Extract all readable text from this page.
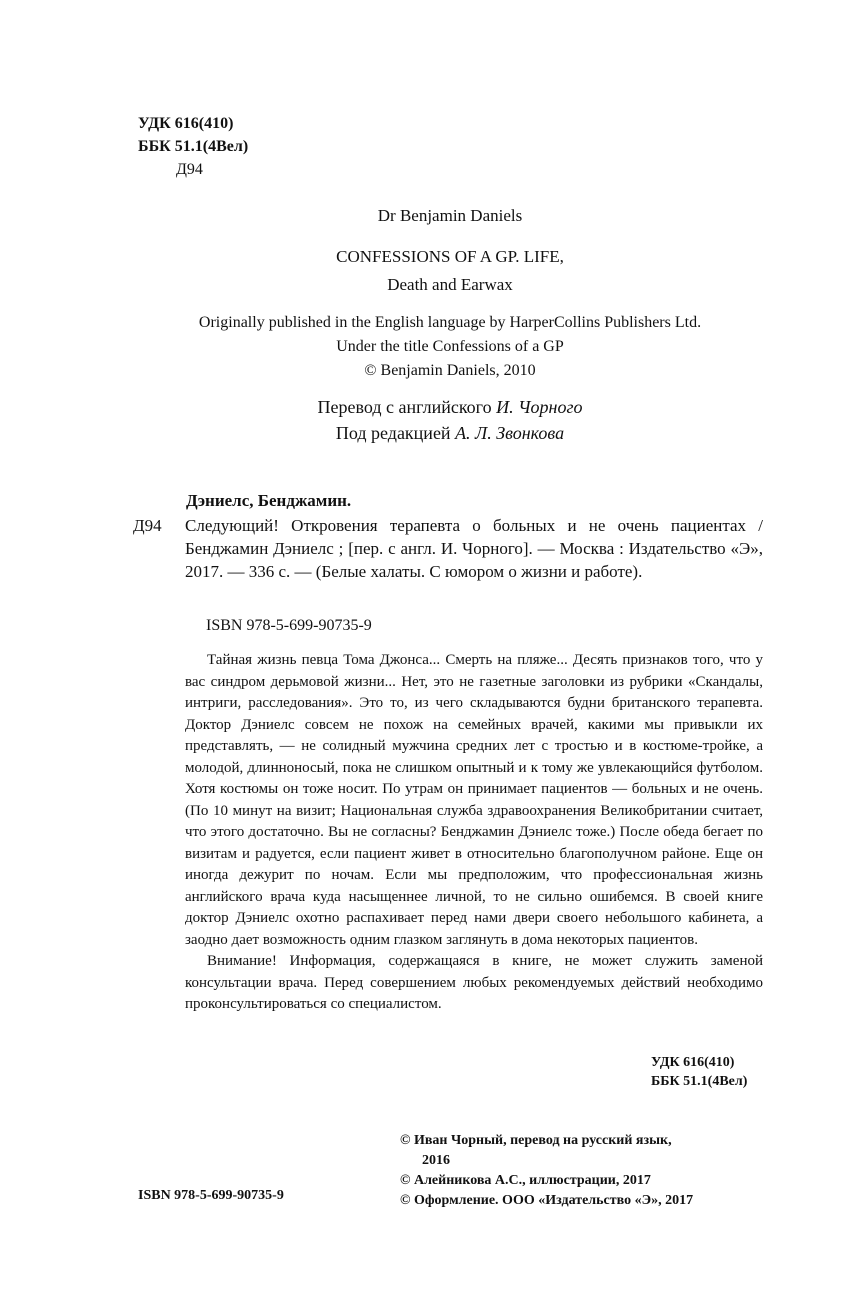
УДК 616(410)
ББК 51.1(4Вел)
Д94
Dr Benjamin Daniels
CONFESSIONS OF A GP. LIFE,
Death and Earwax
Originally published in the English language by HarperCollins Publishers Ltd.
Under the title Confessions of a GP
© Benjamin Daniels, 2010
Перевод с английского И. Чорного
Под редакцией А. Л. Звонкова
Дэниелс, Бенджамин.
Д94 Следующий! Откровения терапевта о больных и не очень пациентах / Бенджамин Дэниелс ; [пер. с англ. И. Чорного]. — Москва : Издательство «Э», 2017. — 336 с. — (Белые халаты. С юмором о жизни и работе).
ISBN 978-5-699-90735-9

Тайная жизнь певца Тома Джонса... Смерть на пляже... Десять признаков того, что у вас синдром дерьмовой жизни... Нет, это не газетные заголовки из рубрики «Скандалы, интриги, расследования». Это то, из чего складываются будни британского терапевта. Доктор Дэниелс совсем не похож на семейных врачей, какими мы привыкли их представлять, — не солидный мужчина средних лет с тростью и в костюме-тройке, а молодой, длинноносый, пока не слишком опытный и к тому же увлекающийся футболом. Хотя костюмы он тоже носит. По утрам он принимает пациентов — больных и не очень. (По 10 минут на визит; Национальная служба здравоохранения Великобритании считает, что этого достаточно. Вы не согласны? Бенджамин Дэниелс тоже.) После обеда бегает по визитам и радуется, если пациент живет в относительно благополучном районе. Еще он иногда дежурит по ночам. Если мы предположим, что профессиональная жизнь английского врача куда насыщеннее личной, то не сильно ошибемся. В своей книге доктор Дэниелс охотно распахивает перед нами двери своего небольшого кабинета, а заодно дает возможность одним глазком заглянуть в дома некоторых пациентов.

Внимание! Информация, содержащаяся в книге, не может служить заменой консультации врача. Перед совершением любых рекомендуемых действий необходимо проконсультироваться со специалистом.

УДК 616(410)
ББК 51.1(4Вел)
© Иван Чорный, перевод на русский язык,
2016
© Алейникова А.С., иллюстрации, 2017
© Оформление. ООО «Издательство «Э», 2017
ISBN 978-5-699-90735-9
